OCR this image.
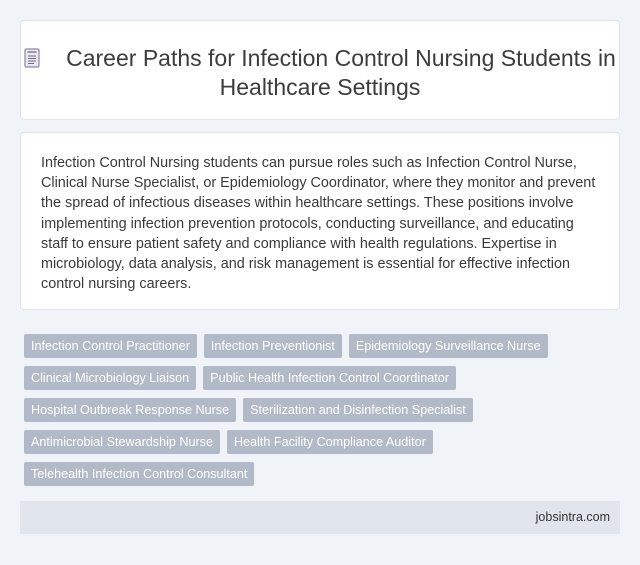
Career Paths for Infection Control Nursing Students in Healthcare Settings

Infection Control Nursing students can pursue roles such as Infection Control Nurse, Clinical Nurse Specialist, or Epidemiology Coordinator, where they monitor and prevent the spread of infectious diseases within healthcare settings. These positions involve implementing infection prevention protocols, conducting surveillance, and educating staff to ensure patient safety and compliance with health regulations. Expertise in microbiology, data analysis, and risk management is essential for effective infection control nursing careers.

Infection Control Practitioner	Infection Preventionist	Epidemiology Surveillance Nurse
Clinical Microbiology Liaison	Public Health Infection Control Coordinator
Hospital Outbreak Response Nurse	Sterilization and Disinfection Specialist
Antimicrobial Stewardship Nurse	Health Facility Compliance Auditor
Telehealth Infection Control Consultant
jobsintra.com
